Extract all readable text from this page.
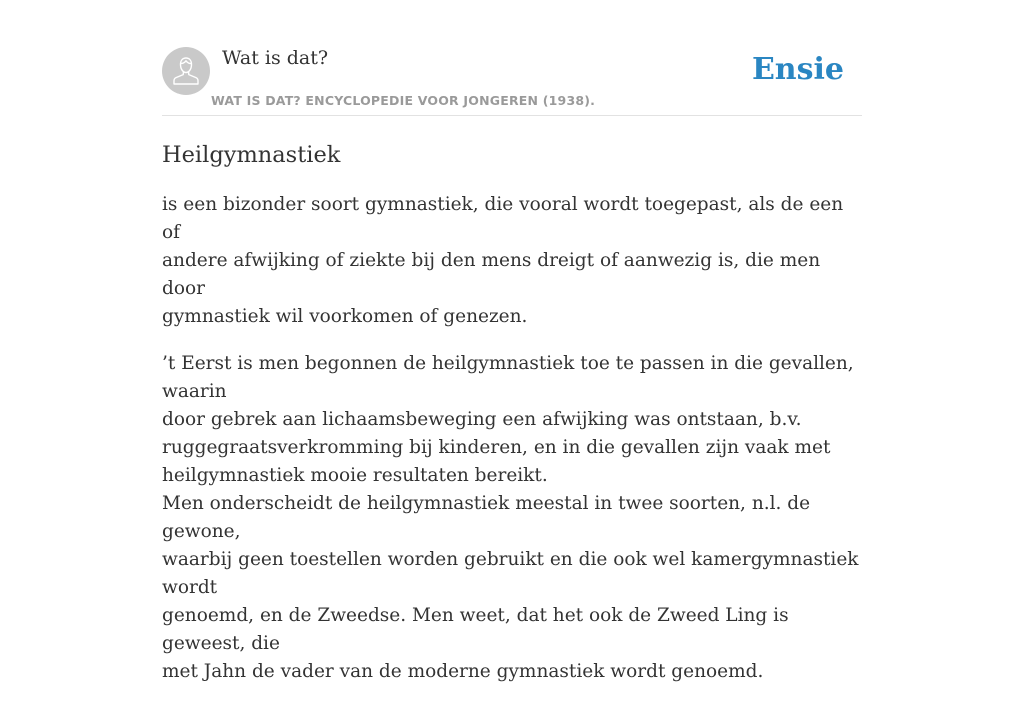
Wat is dat?
WAT IS DAT? ENCYCLOPEDIE VOOR JONGEREN (1938).
Ensie
Heilgymnastiek

is een bizonder soort gymnastiek, die vooral wordt toegepast, als de een of
andere afwijking of ziekte bij den mens dreigt of aanwezig is, die men door
gymnastiek wil voorkomen of genezen.

’t Eerst is men begonnen de heilgymnastiek toe te passen in die gevallen, waarin
door gebrek aan lichaamsbeweging een afwijking was ontstaan, b.v.
ruggegraatsverkromming bij kinderen, en in die gevallen zijn vaak met
heilgymnastiek mooie resultaten bereikt.
Men onderscheidt de heilgymnastiek meestal in twee soorten, n.l. de gewone,
waarbij geen toestellen worden gebruikt en die ook wel kamergymnastiek wordt
genoemd, en de Zweedse. Men weet, dat het ook de Zweed Ling is geweest, die
met Jahn de vader van de moderne gymnastiek wordt genoemd.
